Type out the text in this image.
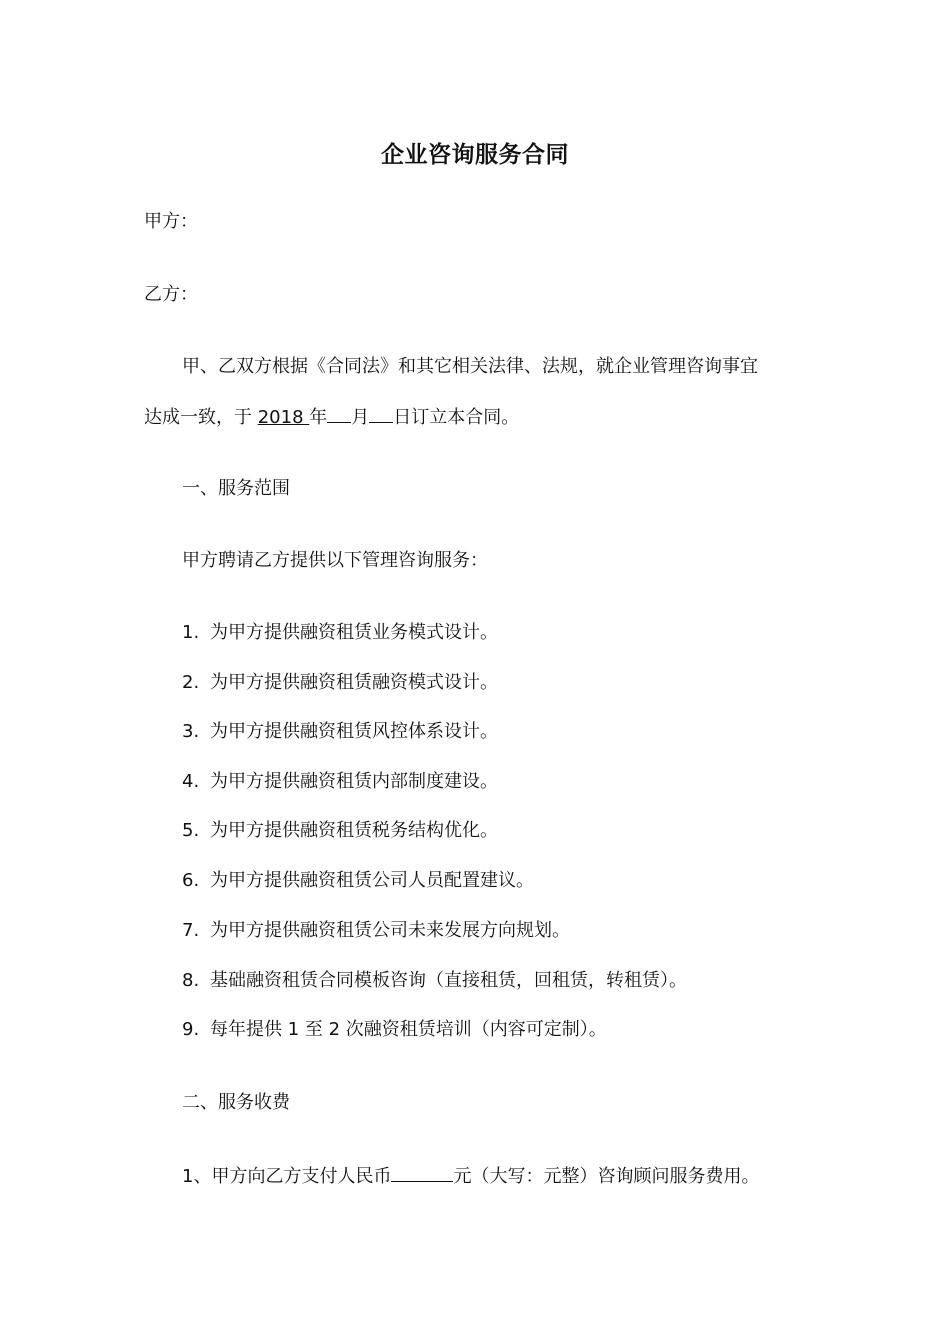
企业咨询服务合同
甲方：
乙方：
甲、乙双方根据《合同法》和其它相关法律、法规，就企业管理咨询事宜
达成一致，于 2018 年 月 日订立本合同。
一、服务范围
甲方聘请乙方提供以下管理咨询服务：
1. 为甲方提供融资租赁业务模式设计。
2. 为甲方提供融资租赁融资模式设计。
3. 为甲方提供融资租赁风控体系设计。
4. 为甲方提供融资租赁内部制度建设。
5. 为甲方提供融资租赁税务结构优化。
6. 为甲方提供融资租赁公司人员配置建议。
7. 为甲方提供融资租赁公司未来发展方向规划。
8. 基础融资租赁合同模板咨询（直接租赁，回租赁，转租赁）。
9. 每年提供 1 至 2 次融资租赁培训（内容可定制）。
二、服务收费
1、甲方向乙方支付人民币	元（大写：元整）咨询顾问服务费用。
